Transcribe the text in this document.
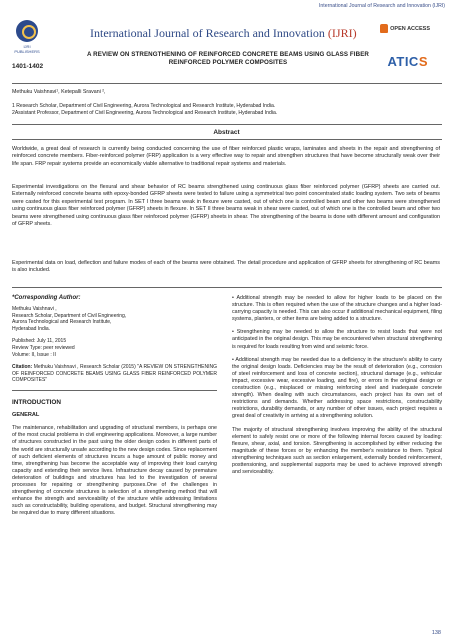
International Journal of Research and Innovation (IJRI)
IJRI PUBLISHERS
1401-1402
International Journal of Research and Innovation (IJRI)
A REVIEW ON STRENGTHENING OF REINFORCED CONCRETE BEAMS USING GLASS FIBER REINFORCED POLYMER COMPOSITES
OPEN ACCESS
ATICS
Methuku Vaishnavi¹, Ketepalli Sravani ²,
1 Research Scholar, Department of Civil Engineering, Aurora Technological and Research Institute, Hyderabad India.
2Assistant Professor, Department of Civil Engineering, Aurora Technological and Research Institute, Hyderabad India.
Abstract
Worldwide, a great deal of research is currently being conducted concerning the use of fiber reinforced plastic wraps, laminates and sheets in the repair and strengthening of reinforced concrete members. Fiber-reinforced polymer (FRP) application is a very effective way to repair and strengthen structures that have become structurally weak over their life span. FRP repair systems provide an economically viable alternative to traditional repair systems and materials.
Experimental investigations on the flexural and shear behavior of RC beams strengthened using continuous glass fiber reinforced polymer (GFRP) sheets are carried out. Externally reinforced concrete beams with epoxy-bonded GFRP sheets were tested to failure using a symmetrical two point concentrated static loading system. Two sets of beams were casted for this experimental test program. In SET I three beams weak in flexure were casted, out of which one is controlled beam and other two beams were strengthened using continuous glass fiber reinforced polymer (GFRP) sheets in flexure. In SET II three beams weak in shear were casted, out of which one is the controlled beam and other two beams were strengthened using continuous glass fiber reinforced polymer (GFRP) sheets in shear. The strengthening of the beams is done with different amount and configuration of GFRP sheets.
Experimental data on load, deflection and failure modes of each of the beams were obtained. The detail procedure and application of GFRP sheets for strengthening of RC beams is also included.
*Corresponding Author:
Methuku Vaishnavi ,
Research Scholar, Department of Civil Engineering,
Aurora Technological and Research Institute,
Hyderabad India.
Published: July 11, 2015
Review Type: peer reviewed
Volume: II, Issue : II
Citation: Methuku Vaishnavi , Research Scholar (2015) "A REVIEW ON STRENGTHENING OF REINFORCED CONCRETE BEAMS USING GLASS FIBER REINFORCED POLYMER COMPOSITES"
INTRODUCTION
GENERAL
The maintenance, rehabilitation and upgrading of structural members, is perhaps one of the most crucial problems in civil engineering applications. Moreover, a large number of structures constructed in the past using the older design codes in different parts of the world are structurally unsafe according to the new design codes. Since replacement of such deficient elements of structures incurs a huge amount of public money and time, strengthening has become the acceptable way of improving their load carrying capacity and extending their service lives. Infrastructure decay caused by premature deterioration of buildings and structures has led to the investigation of several processes for repairing or strengthening purposes.One of the challenges in strengthening of concrete structures is selection of a strengthening method that will enhance the strength and serviceability of the structure while addressing limitations such as constructability, building operations, and budget. Structural strengthening may be required due to many different situations.
• Additional strength may be needed to allow for higher loads to be placed on the structure. This is often required when the use of the structure changes and a higher load-carrying capacity is needed. This can also occur if additional mechanical equipment, filing systems, planters, or other items are being added to a structure.
• Strengthening may be needed to allow the structure to resist loads that were not anticipated in the original design. This may be encountered when structural strengthening is required for loads resulting from wind and seismic force.
• Additional strength may be needed due to a deficiency in the structure's ability to carry the original design loads. Deficiencies may be the result of deterioration (e.g., corrosion of steel reinforcement and loss of concrete section), structural damage (e.g., vehicular impact, excessive wear, excessive loading, and fire), or errors in the original design or construction (e.g., misplaced or missing reinforcing steel and inadequate concrete strength). When dealing with such circumstances, each project has its own set of restrictions and demands. Whether addressing space restrictions, constructability restrictions, durability demands, or any number of other issues, each project requires a great deal of creativity in arriving at a strengthening solution.
The majority of structural strengthening involves improving the ability of the structural element to safely resist one or more of the following internal forces caused by loading: flexure, shear, axial, and torsion. Strengthening is accomplished by either reducing the magnitude of these forces or by enhancing the member's resistance to them. Typical strengthening techniques such as section enlargement, externally bonded reinforcement, posttensioning, and supplemental supports may be used to achieve improved strength and serviceability.
138
